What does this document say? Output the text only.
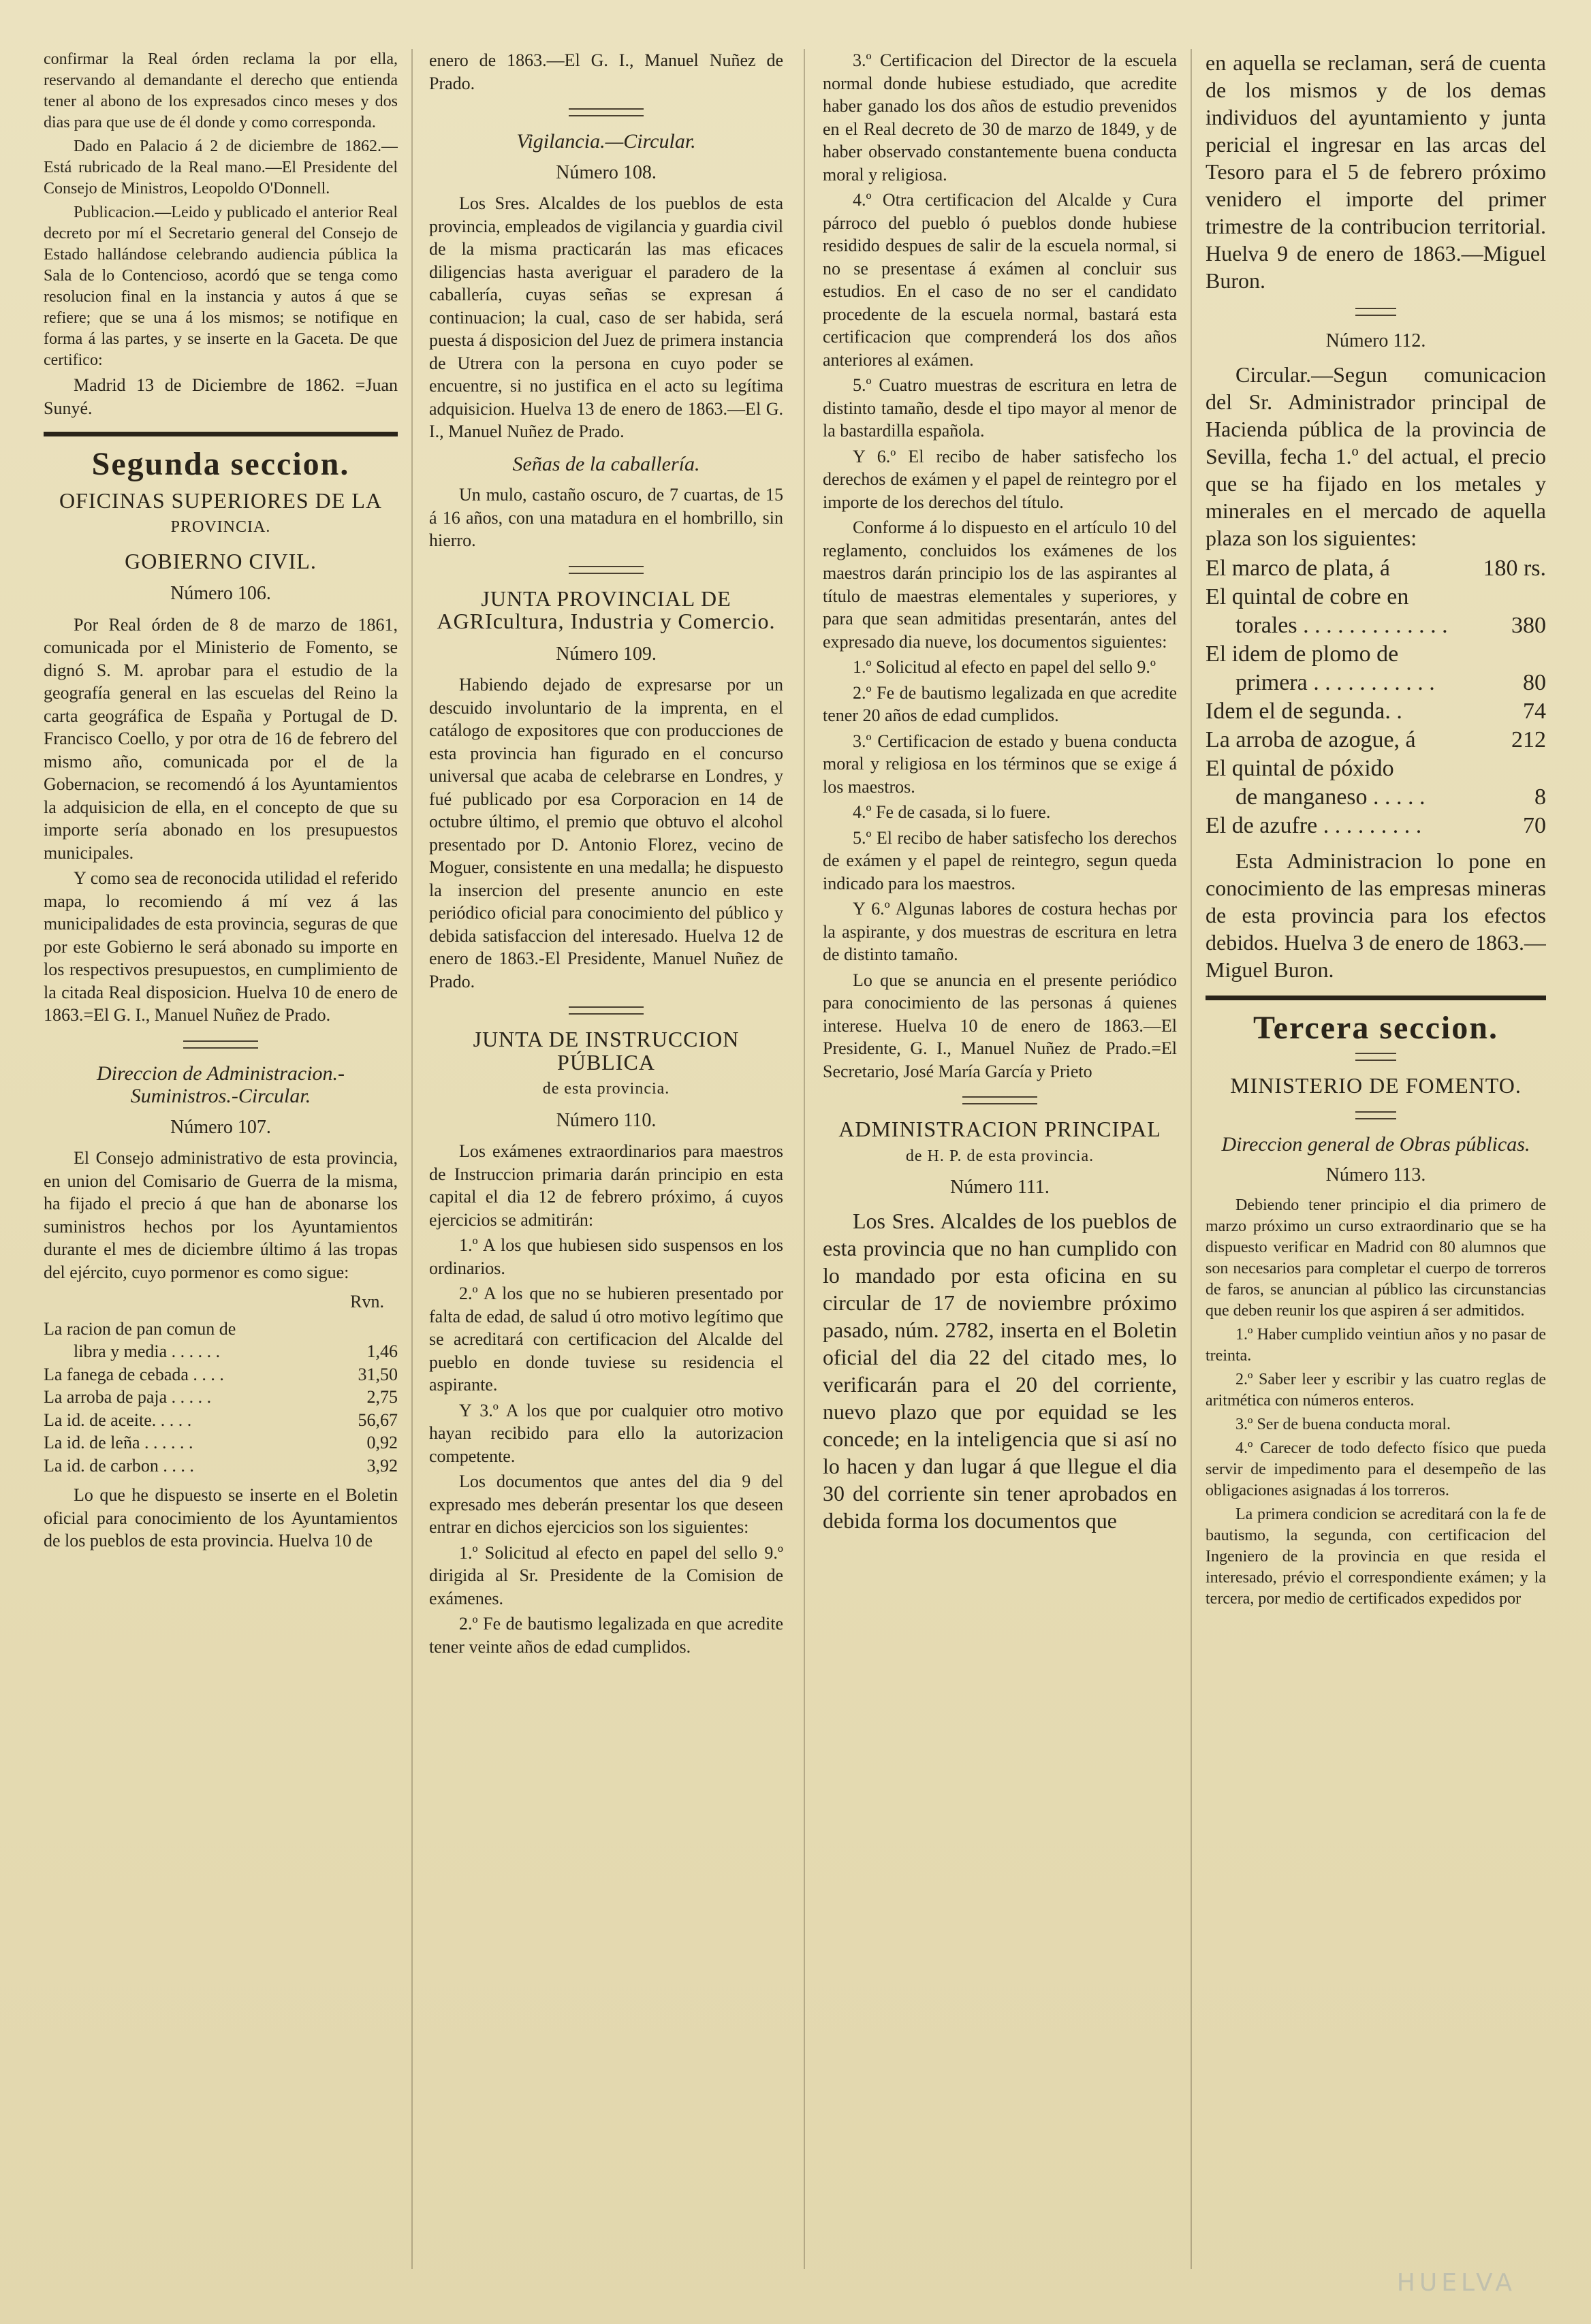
confirmar la Real órden reclama la por ella, reservando al demandante el derecho que entienda tener al abono de los expresados cinco meses y dos dias para que use de él donde y como corresponda.

Dado en Palacio á 2 de diciembre de 1862.—Está rubricado de la Real mano.—El Presidente del Consejo de Ministros, Leopoldo O'Donnell.

Publicacion.—Leido y publicado el anterior Real decreto por mí el Secretario general del Consejo de Estado hallándose celebrando audiencia pública la Sala de lo Contencioso, acordó que se tenga como resolucion final en la instancia y autos á que se refiere; que se una á los mismos; se notifique en forma á las partes, y se inserte en la Gaceta. De que certifico:

Madrid 13 de Diciembre de 1862. =Juan Sunyé.

Segunda seccion.
OFICINAS SUPERIORES DE LA
PROVINCIA.
GOBIERNO CIVIL.
Número 106.

Por Real órden de 8 de marzo de 1861, comunicada por el Ministerio de Fomento, se dignó S. M. aprobar para el estudio de la geografía general en las escuelas del Reino la carta geográfica de España y Portugal de D. Francisco Coello, y por otra de 16 de febrero del mismo año, comunicada por el de la Gobernacion, se recomendó á los Ayuntamientos la adquisicion de ella, en el concepto de que su importe sería abonado en los presupuestos municipales.

Y como sea de reconocida utilidad el referido mapa, lo recomiendo á mí vez á las municipalidades de esta provincia, seguras de que por este Gobierno le será abonado su importe en los respectivos presupuestos, en cumplimiento de la citada Real disposicion. Huelva 10 de enero de 1863.=El G. I., Manuel Nuñez de Prado.

Direccion de Administracion.-Suministros.-Circular.
Número 107.

El Consejo administrativo de esta provincia, en union del Comisario de Guerra de la misma, ha fijado el precio á que han de abonarse los suministros hechos por los Ayuntamientos durante el mes de diciembre último á las tropas del ejército, cuyo pormenor es como sigue:

Rvn.
La racion de pan comun de	
libra y media . . . . . .	1,46
La fanega de cebada . . . .	31,50
La arroba de paja . . . . .	2,75
La id. de aceite. . . . .	56,67
La id. de leña . . . . . .	0,92
La id. de carbon . . . .	3,92

Lo que he dispuesto se inserte en el Boletin oficial para conocimiento de los Ayuntamientos de los pueblos de esta provincia. Huelva 10 de

enero de 1863.—El G. I., Manuel Nuñez de Prado.

Vigilancia.—Circular.
Número 108.

Los Sres. Alcaldes de los pueblos de esta provincia, empleados de vigilancia y guardia civil de la misma practicarán las mas eficaces diligencias hasta averiguar el paradero de la caballería, cuyas señas se expresan á continuacion; la cual, caso de ser habida, será puesta á disposicion del Juez de primera instancia de Utrera con la persona en cuyo poder se encuentre, si no justifica en el acto su legítima adquisicion. Huelva 13 de enero de 1863.—El G. I., Manuel Nuñez de Prado.

Señas de la caballería.

Un mulo, castaño oscuro, de 7 cuartas, de 15 á 16 años, con una matadura en el hombrillo, sin hierro.

JUNTA PROVINCIAL DE AGRIcultura, Industria y Comercio.
Número 109.

Habiendo dejado de expresarse por un descuido involuntario de la imprenta, en el catálogo de expositores que con producciones de esta provincia han figurado en el concurso universal que acaba de celebrarse en Londres, y fué publicado por esa Corporacion en 14 de octubre último, el premio que obtuvo el alcohol presentado por D. Antonio Florez, vecino de Moguer, consistente en una medalla; he dispuesto la insercion del presente anuncio en este periódico oficial para conocimiento del público y debida satisfaccion del interesado. Huelva 12 de enero de 1863.-El Presidente, Manuel Nuñez de Prado.

JUNTA DE INSTRUCCION PÚBLICA
de esta provincia.
Número 110.

Los exámenes extraordinarios para maestros de Instruccion primaria darán principio en esta capital el dia 12 de febrero próximo, á cuyos ejercicios se admitirán:

1.º A los que hubiesen sido suspensos en los ordinarios.

2.º A los que no se hubieren presentado por falta de edad, de salud ú otro motivo legítimo que se acreditará con certificacion del Alcalde del pueblo en donde tuviese su residencia el aspirante.

Y 3.º A los que por cualquier otro motivo hayan recibido para ello la autorizacion competente.

Los documentos que antes del dia 9 del expresado mes deberán presentar los que deseen entrar en dichos ejercicios son los siguientes:

1.º Solicitud al efecto en papel del sello 9.º dirigida al Sr. Presidente de la Comision de exámenes.

2.º Fe de bautismo legalizada en que acredite tener veinte años de edad cumplidos.

3.º Certificacion del Director de la escuela normal donde hubiese estudiado, que acredite haber ganado los dos años de estudio prevenidos en el Real decreto de 30 de marzo de 1849, y de haber observado constantemente buena conducta moral y religiosa.

4.º Otra certificacion del Alcalde y Cura párroco del pueblo ó pueblos donde hubiese residido despues de salir de la escuela normal, si no se presentase á exámen al concluir sus estudios. En el caso de no ser el candidato procedente de la escuela normal, bastará esta certificacion que comprenderá los dos años anteriores al exámen.

5.º Cuatro muestras de escritura en letra de distinto tamaño, desde el tipo mayor al menor de la bastardilla española.

Y 6.º El recibo de haber satisfecho los derechos de exámen y el papel de reintegro por el importe de los derechos del título.

Conforme á lo dispuesto en el artículo 10 del reglamento, concluidos los exámenes de los maestros darán principio los de las aspirantes al título de maestras elementales y superiores, y para que sean admitidas presentarán, antes del expresado dia nueve, los documentos siguientes:

1.º Solicitud al efecto en papel del sello 9.º

2.º Fe de bautismo legalizada en que acredite tener 20 años de edad cumplidos.

3.º Certificacion de estado y buena conducta moral y religiosa en los términos que se exige á los maestros.

4.º Fe de casada, si lo fuere.

5.º El recibo de haber satisfecho los derechos de exámen y el papel de reintegro, segun queda indicado para los maestros.

Y 6.º Algunas labores de costura hechas por la aspirante, y dos muestras de escritura en letra de distinto tamaño.

Lo que se anuncia en el presente periódico para conocimiento de las personas á quienes interese. Huelva 10 de enero de 1863.—El Presidente, G. I., Manuel Nuñez de Prado.=El Secretario, José María García y Prieto

ADMINISTRACION PRINCIPAL
de H. P. de esta provincia.
Número 111.

Los Sres. Alcaldes de los pueblos de esta provincia que no han cumplido con lo mandado por esta oficina en su circular de 17 de noviembre próximo pasado, núm. 2782, inserta en el Boletin oficial del dia 22 del citado mes, lo verificarán para el 20 del corriente, nuevo plazo que por equidad se les concede; en la inteligencia que si así no lo hacen y dan lugar á que llegue el dia 30 del corriente sin tener aprobados en debida forma los documentos que

en aquella se reclaman, será de cuenta de los mismos y de los demas individuos del ayuntamiento y junta pericial el ingresar en las arcas del Tesoro para el 5 de febrero próximo venidero el importe del primer trimestre de la contribucion territorial. Huelva 9 de enero de 1863.—Miguel Buron.

Número 112.

Circular.—Segun comunicacion del Sr. Administrador principal de Hacienda pública de la provincia de Sevilla, fecha 1.º del actual, el precio que se ha fijado en los metales y minerales en el mercado de aquella plaza son los siguientes:

El marco de plata, á	180 rs.
El quintal de cobre en	
torales . . . . . . . . . . . . .	380
El idem de plomo de	
primera . . . . . . . . . . .	80
Idem el de segunda. .	74
La arroba de azogue, á	212
El quintal de póxido	
de manganeso . . . . .	8
El de azufre . . . . . . . . .	70

Esta Administracion lo pone en conocimiento de las empresas mineras de esta provincia para los efectos debidos. Huelva 3 de enero de 1863.—Miguel Buron.

Tercera seccion.
MINISTERIO DE FOMENTO.
Direccion general de Obras públicas.
Número 113.

Debiendo tener principio el dia primero de marzo próximo un curso extraordinario que se ha dispuesto verificar en Madrid con 80 alumnos que son necesarios para completar el cuerpo de torreros de faros, se anuncian al público las circunstancias que deben reunir los que aspiren á ser admitidos.

1.º Haber cumplido veintiun años y no pasar de treinta.

2.º Saber leer y escribir y las cuatro reglas de aritmética con números enteros.

3.º Ser de buena conducta moral.

4.º Carecer de todo defecto físico que pueda servir de impedimento para el desempeño de las obligaciones asignadas á los torreros.

La primera condicion se acreditará con la fe de bautismo, la segunda, con certificacion del Ingeniero de la provincia en que resida el interesado, prévio el correspondiente exámen; y la tercera, por medio de certificados expedidos por

HUELVA
